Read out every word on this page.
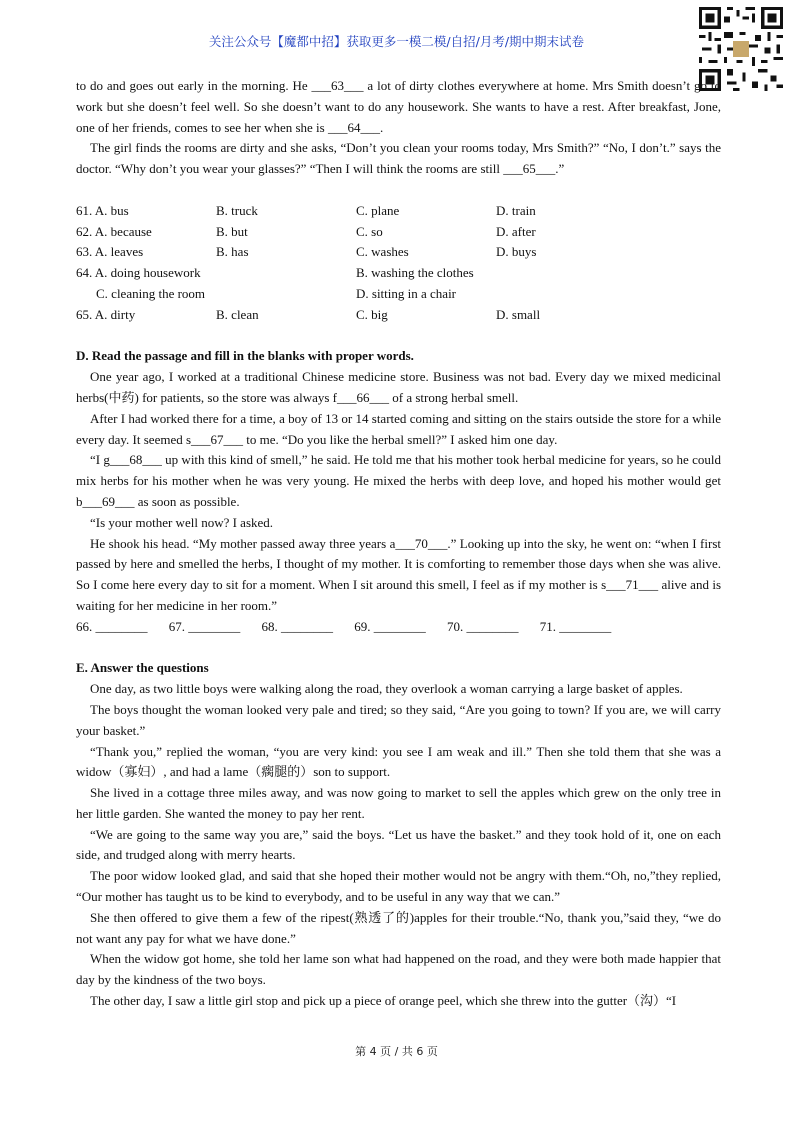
关注公众号【魔都中招】获取更多一模二模/自招/月考/期中期末试卷

to do and goes out early in the morning. He ___63___ a lot of dirty clothes everywhere at home. Mrs Smith doesn’t go to work but she doesn’t feel well. So she doesn’t want to do any housework. She wants to have a rest. After breakfast, Jone, one of her friends, comes to see her when she is ___64___.

The girl finds the rooms are dirty and she asks, “Don’t you clean your rooms today, Mrs Smith?” “No, I don’t.” says the doctor. “Why don’t you wear your glasses?” “Then I will think the rooms are still ___65___.”

61. A. bus	B. truck	C. plane	D. train
62. A. because	B. but	C. so	D. after
63. A. leaves	B. has	C. washes	D. buys
64. A. doing housework	B. washing the clothes
C. cleaning the room	D. sitting in a chair
65. A. dirty	B. clean	C. big	D. small

D. Read the passage and fill in the blanks with proper words.

One year ago, I worked at a traditional Chinese medicine store. Business was not bad. Every day we mixed medicinal herbs(中药) for patients, so the store was always f___66___ of a strong herbal smell.

After I had worked there for a time, a boy of 13 or 14 started coming and sitting on the stairs outside the store for a while every day. It seemed s___67___ to me. “Do you like the herbal smell?” I asked him one day.

“I g___68___ up with this kind of smell,” he said. He told me that his mother took herbal medicine for years, so he could mix herbs for his mother when he was very young. He mixed the herbs with deep love, and hoped his mother would get b___69___ as soon as possible.

“Is your mother well now? I asked.

He shook his head. “My mother passed away three years a___70___.” Looking up into the sky, he went on: “when I first passed by here and smelled the herbs, I thought of my mother. It is comforting to remember those days when she was alive. So I come here every day to sit for a moment. When I sit around this smell, I feel as if my mother is s___71___ alive and is waiting for her medicine in her room.”

66. ________ 67. ________ 68. ________ 69. ________ 70. ________ 71. ________

E. Answer the questions

One day, as two little boys were walking along the road, they overlook a woman carrying a large basket of apples.

The boys thought the woman looked very pale and tired; so they said, “Are you going to town? If you are, we will carry your basket.”

“Thank you,” replied the woman, “you are very kind: you see I am weak and ill.” Then she told them that she was a widow（寡妇）, and had a lame（瘸腿的）son to support.

She lived in a cottage three miles away, and was now going to market to sell the apples which grew on the only tree in her little garden. She wanted the money to pay her rent.

“We are going to the same way you are,” said the boys. “Let us have the basket.” and they took hold of it, one on each side, and trudged along with merry hearts.

The poor widow looked glad, and said that she hoped their mother would not be angry with them.“Oh, no,”they replied, “Our mother has taught us to be kind to everybody, and to be useful in any way that we can.”

She then offered to give them a few of the ripest(熟透了的)apples for their trouble.“No, thank you,”said they, “we do not want any pay for what we have done.”

When the widow got home, she told her lame son what had happened on the road, and they were both made happier that day by the kindness of the two boys.

The other day, I saw a little girl stop and pick up a piece of orange peel, which she threw into the gutter（沟）“I

第 4 页 / 共 6 页
